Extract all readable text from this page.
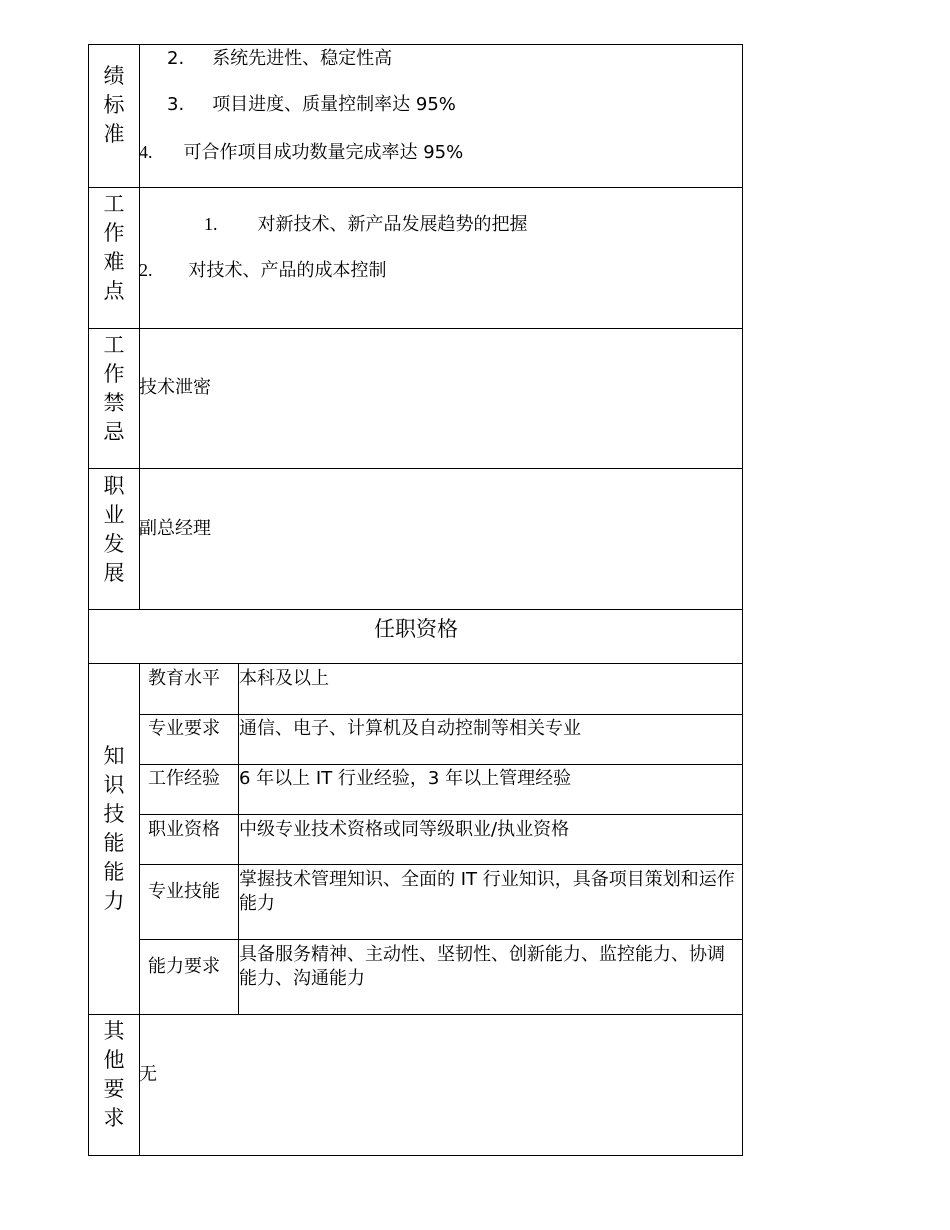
绩
标
准
2. 系统先进性、稳定性高
3. 项目进度、质量控制率达 95%
4. 可合作项目成功数量完成率达 95%
工
作
难
点
1. 对新技术、新产品发展趋势的把握
2. 对技术、产品的成本控制
工
作
禁
忌
技术泄密
职
业
发
展
副总经理
任职资格
知
识
技
能
能
力
教育水平 本科及以上
专业要求 通信、电子、计算机及自动控制等相关专业
工作经验 6 年以上 IT 行业经验，3 年以上管理经验
职业资格 中级专业技术资格或同等级职业/执业资格
专业技能
掌握技术管理知识、全面的 IT 行业知识，具备项目策划和运作能力
能力要求
具备服务精神、主动性、坚韧性、创新能力、监控能力、协调能力、沟通能力
其
他
要
求
无
